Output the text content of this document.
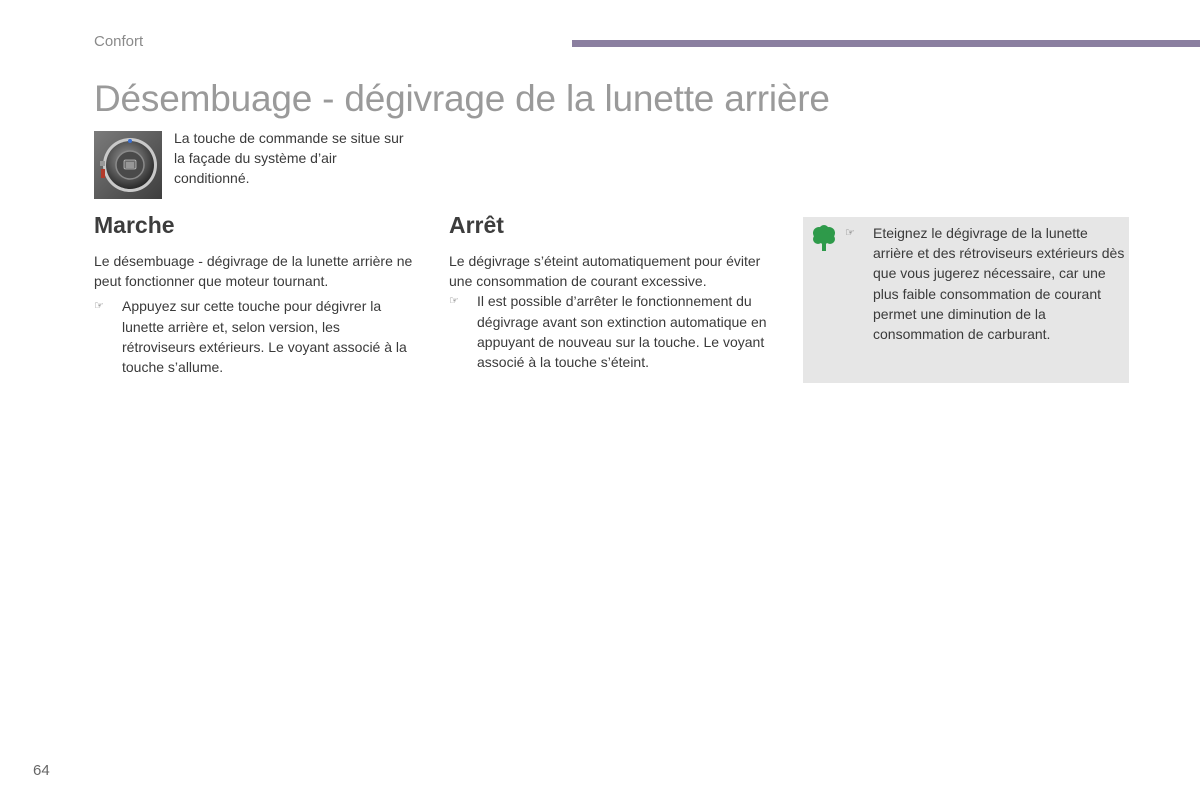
Confort
Désembuage - dégivrage de la lunette arrière
La touche de commande se situe sur la façade du système d’air conditionné.
Marche

Le désembuage - dégivrage de la lunette arrière ne peut fonctionner que moteur tournant.

☞	Appuyez sur cette touche pour dégivrer la lunette arrière et, selon version, les rétroviseurs extérieurs. Le voyant associé à la touche s’allume.
Arrêt

Le dégivrage s’éteint automatiquement pour éviter une consommation de courant excessive.

☞	Il est possible d’arrêter le fonctionnement du dégivrage avant son extinction automatique en appuyant de nouveau sur la touche. Le voyant associé à la touche s’éteint.
☞	Eteignez le dégivrage de la lunette arrière et des rétroviseurs extérieurs dès que vous jugerez nécessaire, car une plus faible consommation de courant permet une diminution de la consommation de carburant.
64
